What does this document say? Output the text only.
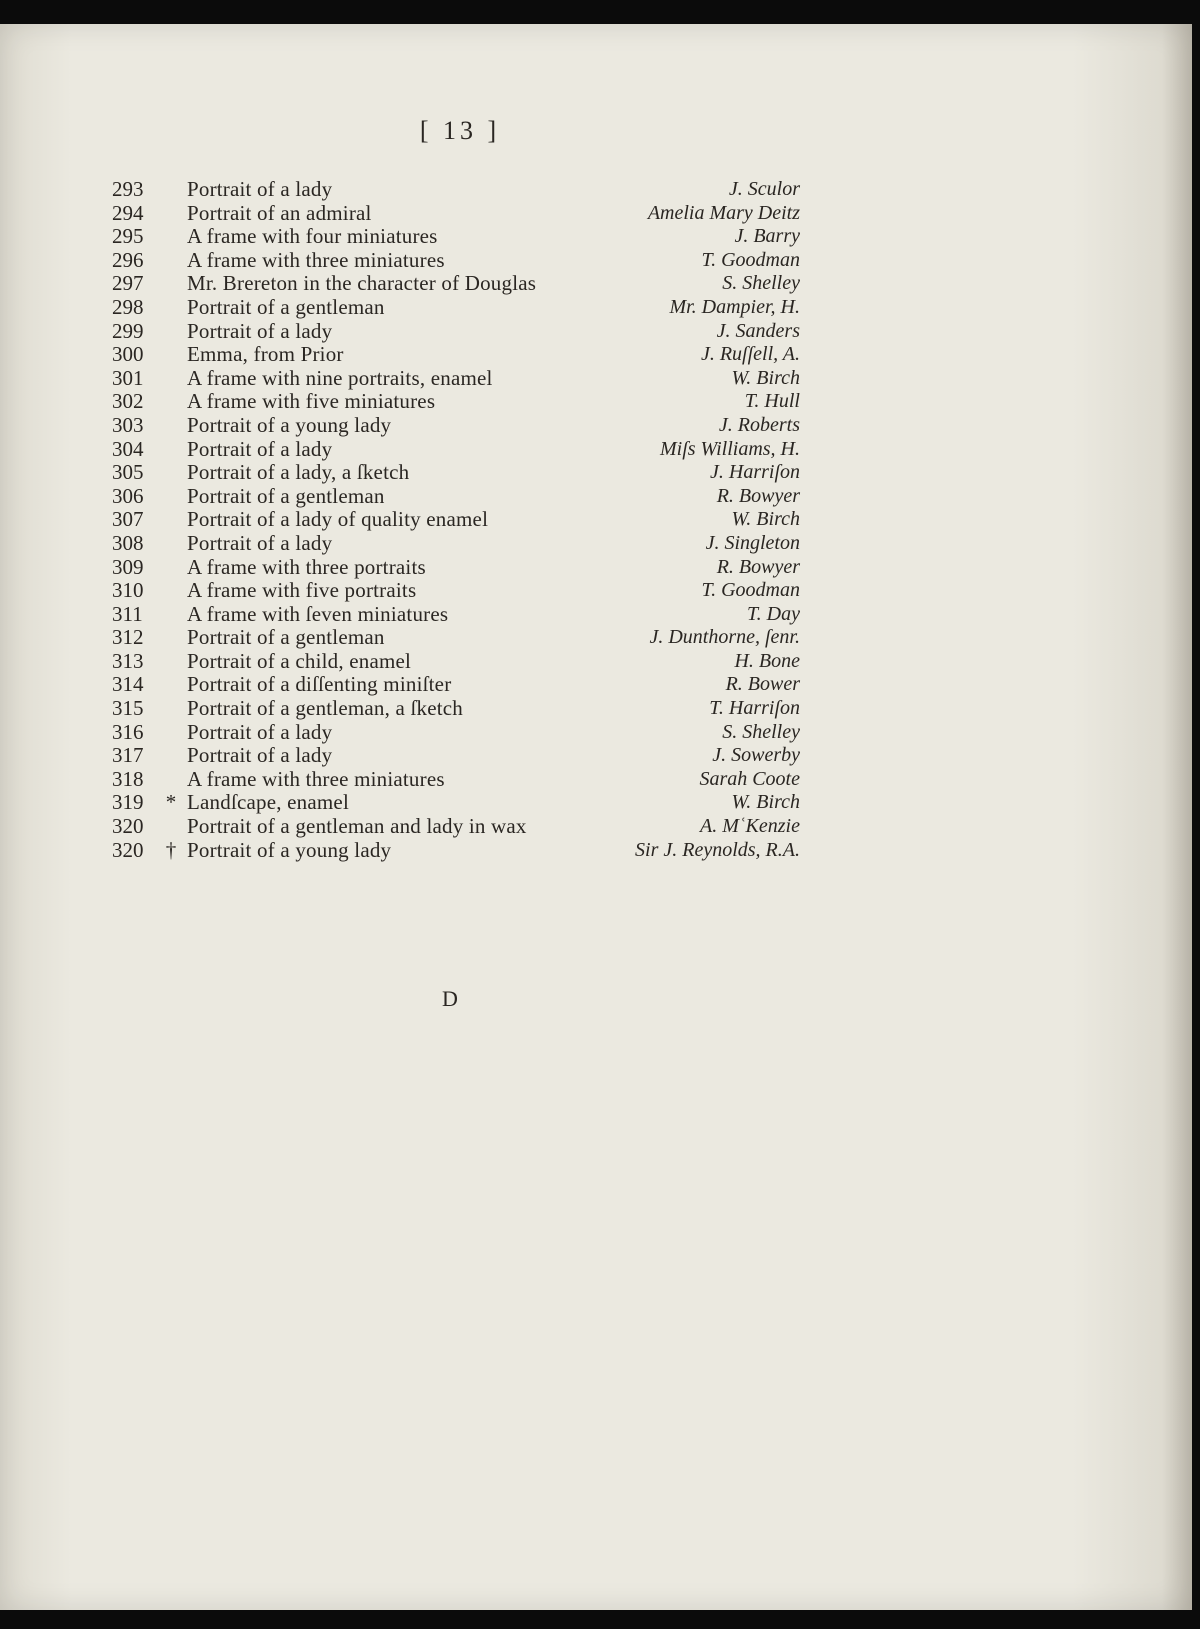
[ 13 ]
293	Portrait of a lady	J. Sculor
294	Portrait of an admiral	Amelia Mary Deitz
295	A frame with four miniatures	J. Barry
296	A frame with three miniatures	T. Goodman
297	Mr. Brereton in the character of Douglas	S. Shelley
298	Portrait of a gentleman	Mr. Dampier, H.
299	Portrait of a lady	J. Sanders
300	Emma, from Prior	J. Ruſſell, A.
301	A frame with nine portraits, enamel	W. Birch
302	A frame with five miniatures	T. Hull
303	Portrait of a young lady	J. Roberts
304	Portrait of a lady	Miſs Williams, H.
305	Portrait of a lady, a ſketch	J. Harriſon
306	Portrait of a gentleman	R. Bowyer
307	Portrait of a lady of quality enamel	W. Birch
308	Portrait of a lady	J. Singleton
309	A frame with three portraits	R. Bowyer
310	A frame with five portraits	T. Goodman
311	A frame with ſeven miniatures	T. Day
312	Portrait of a gentleman	J. Dunthorne, ſenr.
313	Portrait of a child, enamel	H. Bone
314	Portrait of a diſſenting miniſter	R. Bower
315	Portrait of a gentleman, a ſketch	T. Harriſon
316	Portrait of a lady	S. Shelley
317	Portrait of a lady	J. Sowerby
318	A frame with three miniatures	Sarah Coote
319	* Landſcape, enamel	W. Birch
320	Portrait of a gentleman and lady in wax	A. MʿKenzie
320	† Portrait of a young lady	Sir J. Reynolds, R.A.
D
